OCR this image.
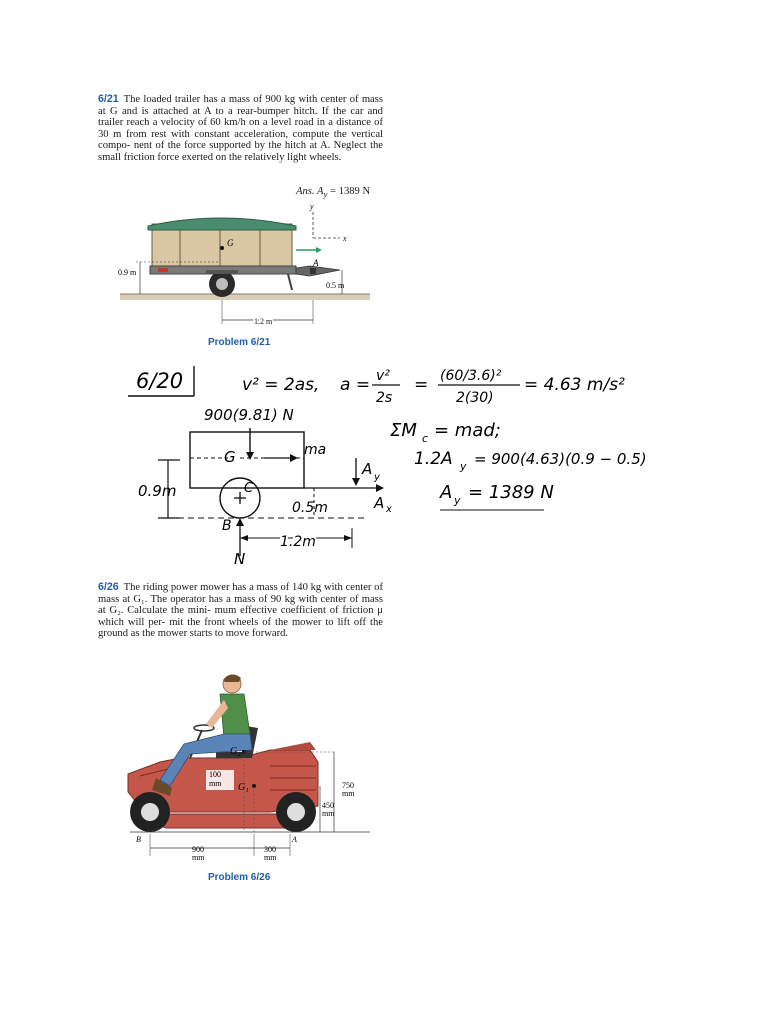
6/21 The loaded trailer has a mass of 900 kg with center of mass at G and is attached at A to a rear-bumper hitch. If the car and trailer reach a velocity of 60 km/h on a level road in a distance of 30 m from rest with constant acceleration, compute the vertical compo- nent of the force supported by the hitch at A. Neglect the small friction force exerted on the relatively light wheels.
Ans. $A_y = 1389$ N
G
A
y
x
0.9 m
0.5 m
1.2 m
Problem 6/21
6/20	v² = 2as, a = v²
2s
= (60/3.6)²
2(30)
= 4.63 m/s²
900(9.81) N
ΣM c = mad;
1.2A y = 900(4.63)(0.9 − 0.5)
A y = 1389 N
G	ma
C
A y
A x
0.5m
0.9m
B
N
1.2m
6/26 The riding power mower has a mass of 140 kg with center of mass at G₁. The operator has a mass of 90 kg with center of mass at G₂. Calculate the mini- mum effective coefficient of friction μ which will per- mit the front wheels of the mower to lift off the ground as the mower starts to move forward.
G₂
G₁
100
mm	750
mm
450
mm
B	A
900
mm
300
mm
Problem 6/26
